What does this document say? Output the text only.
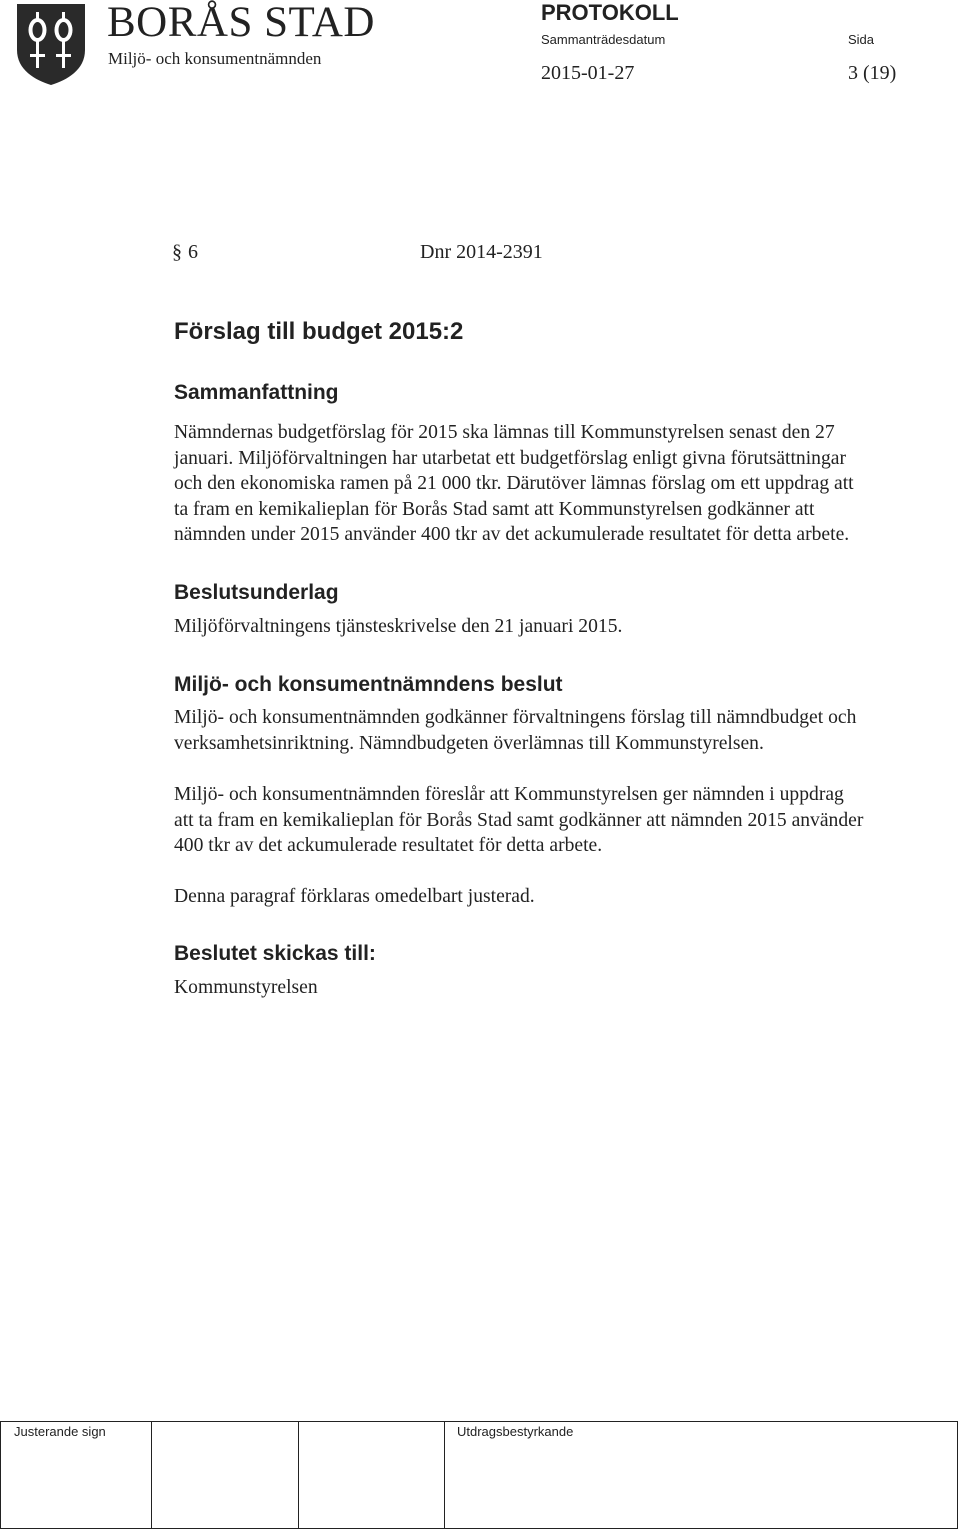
BORÅS STAD
Miljö- och konsumentnämnden
PROTOKOLL
Sammanträdesdatum	Sida
2015-01-27	3 (19)
§ 6	Dnr 2014-2391
Förslag till budget 2015:2
Sammanfattning
Nämndernas budgetförslag för 2015 ska lämnas till Kommunstyrelsen senast den 27
januari. Miljöförvaltningen har utarbetat ett budgetförslag enligt givna förutsättningar
och den ekonomiska ramen på 21 000 tkr. Därutöver lämnas förslag om ett uppdrag att
ta fram en kemikalieplan för Borås Stad samt att Kommunstyrelsen godkänner att
nämnden under 2015 använder 400 tkr av det ackumulerade resultatet för detta arbete.
Beslutsunderlag
Miljöförvaltningens tjänsteskrivelse den 21 januari 2015.
Miljö- och konsumentnämndens beslut
Miljö- och konsumentnämnden godkänner förvaltningens förslag till nämndbudget och
verksamhetsinriktning. Nämndbudgeten överlämnas till Kommunstyrelsen.
Miljö- och konsumentnämnden föreslår att Kommunstyrelsen ger nämnden i uppdrag
att ta fram en kemikalieplan för Borås Stad samt godkänner att nämnden 2015 använder
400 tkr av det ackumulerade resultatet för detta arbete.
Denna paragraf förklaras omedelbart justerad.
Beslutet skickas till:
Kommunstyrelsen
Justerande sign	Utdragsbestyrkande
